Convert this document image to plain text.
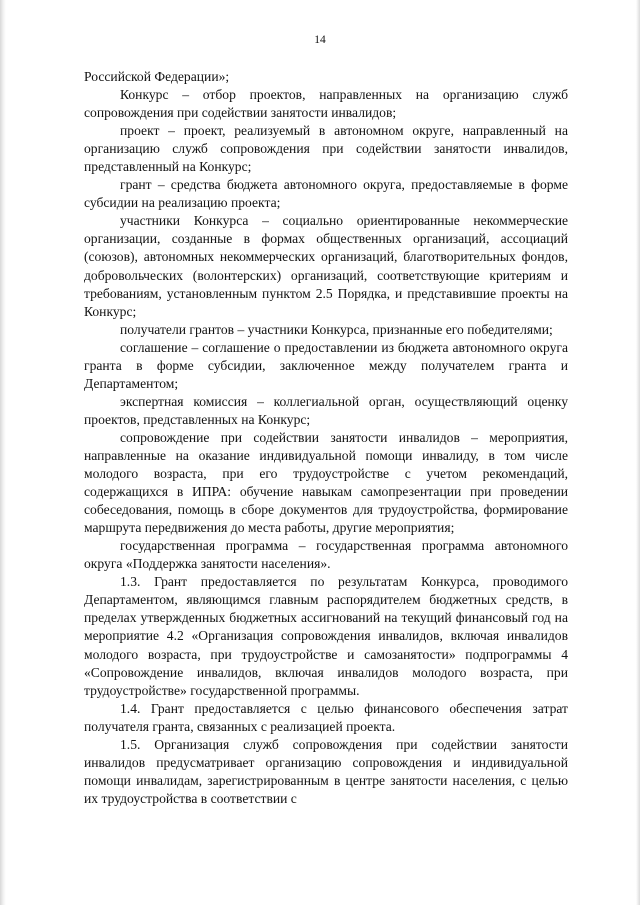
14

Российской Федерации»;

Конкурс – отбор проектов, направленных на организацию служб сопровождения при содействии занятости инвалидов;

проект – проект, реализуемый в автономном округе, направленный на организацию служб сопровождения при содействии занятости инвалидов, представленный на Конкурс;

грант – средства бюджета автономного округа, предоставляемые в форме субсидии на реализацию проекта;

участники Конкурса – социально ориентированные некоммерческие организации, созданные в формах общественных организаций, ассоциаций (союзов), автономных некоммерческих организаций, благотворительных фондов, добровольческих (волонтерских) организаций, соответствующие критериям и требованиям, установленным пунктом 2.5 Порядка, и представившие проекты на Конкурс;

получатели грантов – участники Конкурса, признанные его победителями;

соглашение – соглашение о предоставлении из бюджета автономного округа гранта в форме субсидии, заключенное между получателем гранта и Департаментом;

экспертная комиссия – коллегиальной орган, осуществляющий оценку проектов, представленных на Конкурс;

сопровождение при содействии занятости инвалидов – мероприятия, направленные на оказание индивидуальной помощи инвалиду, в том числе молодого возраста, при его трудоустройстве с учетом рекомендаций, содержащихся в ИПРА: обучение навыкам самопрезентации при проведении собеседования, помощь в сборе документов для трудоустройства, формирование маршрута передвижения до места работы, другие мероприятия;

государственная программа – государственная программа автономного округа «Поддержка занятости населения».

1.3. Грант предоставляется по результатам Конкурса, проводимого Департаментом, являющимся главным распорядителем бюджетных средств, в пределах утвержденных бюджетных ассигнований на текущий финансовый год на мероприятие 4.2 «Организация сопровождения инвалидов, включая инвалидов молодого возраста, при трудоустройстве и самозанятости» подпрограммы 4 «Сопровождение инвалидов, включая инвалидов молодого возраста, при трудоустройстве» государственной программы.

1.4. Грант предоставляется с целью финансового обеспечения затрат получателя гранта, связанных с реализацией проекта.

1.5. Организация служб сопровождения при содействии занятости инвалидов предусматривает организацию сопровождения и индивидуальной помощи инвалидам, зарегистрированным в центре занятости населения, с целью их трудоустройства в соответствии с
